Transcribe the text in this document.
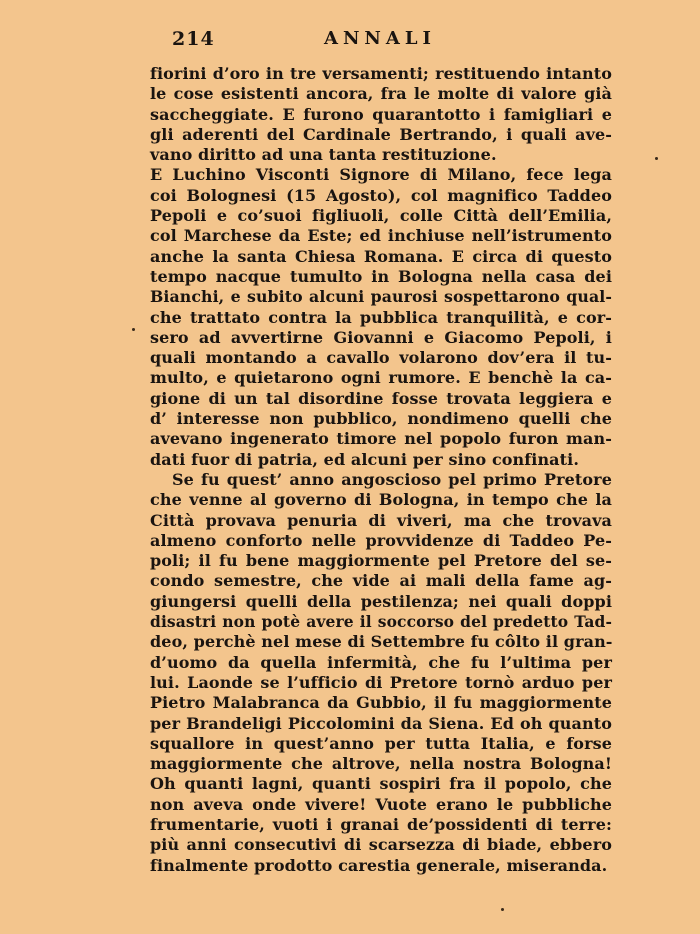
214	ANNALI
fiorini d’oro in tre versamenti; restituendo intanto
le cose esistenti ancora, fra le molte di valore già
saccheggiate. E furono quarantotto i famigliari e
gli aderenti del Cardinale Bertrando, i quali ave-
vano diritto ad una tanta restituzione.
E Luchino Visconti Signore di Milano, fece lega
coi Bolognesi (15 Agosto), col magnifico Taddeo
Pepoli e co’suoi figliuoli, colle Città dell’Emilia,
col Marchese da Este; ed inchiuse nell’istrumento
anche la santa Chiesa Romana. E circa di questo
tempo nacque tumulto in Bologna nella casa dei
Bianchi, e subito alcuni paurosi sospettarono qual-
che trattato contra la pubblica tranquilità, e cor-
sero ad avvertirne Giovanni e Giacomo Pepoli, i
quali montando a cavallo volarono dov’era il tu-
multo, e quietarono ogni rumore. E benchè la ca-
gione di un tal disordine fosse trovata leggiera e
d’ interesse non pubblico, nondimeno quelli che
avevano ingenerato timore nel popolo furon man-
dati fuor di patria, ed alcuni per sino confinati.
Se fu quest’ anno angoscioso pel primo Pretore
che venne al governo di Bologna, in tempo che la
Città provava penuria di viveri, ma che trovava
almeno conforto nelle provvidenze di Taddeo Pe-
poli; il fu bene maggiormente pel Pretore del se-
condo semestre, che vide ai mali della fame ag-
giungersi quelli della pestilenza; nei quali doppi
disastri non potè avere il soccorso del predetto Tad-
deo, perchè nel mese di Settembre fu côlto il gran-
d’uomo da quella infermità, che fu l’ultima per
lui. Laonde se l’ufficio di Pretore tornò arduo per
Pietro Malabranca da Gubbio, il fu maggiormente
per Brandeligi Piccolomini da Siena. Ed oh quanto
squallore in quest’anno per tutta Italia, e forse
maggiormente che altrove, nella nostra Bologna!
Oh quanti lagni, quanti sospiri fra il popolo, che
non aveva onde vivere! Vuote erano le pubbliche
frumentarie, vuoti i granai de’possidenti di terre:
più anni consecutivi di scarsezza di biade, ebbero
finalmente prodotto carestia generale, miseranda.
